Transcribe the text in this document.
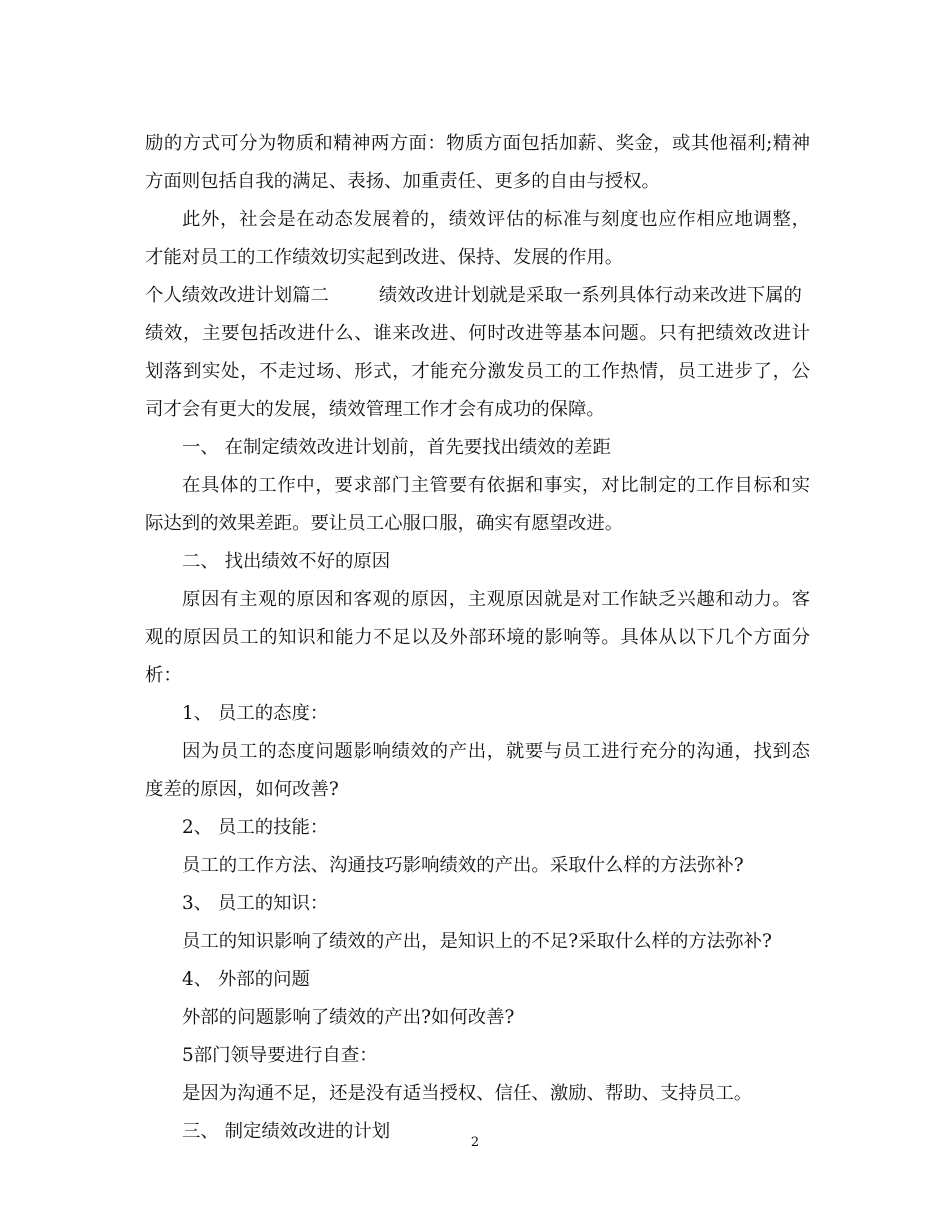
励的方式可分为物质和精神两方面：物质方面包括加薪、奖金，或其他福利;精神
方面则包括自我的满足、表扬、加重责任、更多的自由与授权。
此外，社会是在动态发展着的，绩效评估的标准与刻度也应作相应地调整，
才能对员工的工作绩效切实起到改进、保持、发展的作用。
个人绩效改进计划篇二	绩效改进计划就是采取一系列具体行动来改进下属的
绩效，主要包括改进什么、谁来改进、何时改进等基本问题。只有把绩效改进计
划落到实处，不走过场、形式，才能充分激发员工的工作热情，员工进步了，公
司才会有更大的发展，绩效管理工作才会有成功的保障。
一、 在制定绩效改进计划前，首先要找出绩效的差距
在具体的工作中，要求部门主管要有依据和事实，对比制定的工作目标和实
际达到的效果差距。要让员工心服口服，确实有愿望改进。
二、 找出绩效不好的原因
原因有主观的原因和客观的原因，主观原因就是对工作缺乏兴趣和动力。客
观的原因员工的知识和能力不足以及外部环境的影响等。具体从以下几个方面分
析：
1、 员工的态度：
因为员工的态度问题影响绩效的产出，就要与员工进行充分的沟通，找到态
度差的原因，如何改善?
2、 员工的技能：
员工的工作方法、沟通技巧影响绩效的产出。采取什么样的方法弥补?
3、 员工的知识：
员工的知识影响了绩效的产出，是知识上的不足?采取什么样的方法弥补?
4、 外部的问题
外部的问题影响了绩效的产出?如何改善?
5部门领导要进行自查：
是因为沟通不足，还是没有适当授权、信任、激励、帮助、支持员工。
三、 制定绩效改进的计划
2
